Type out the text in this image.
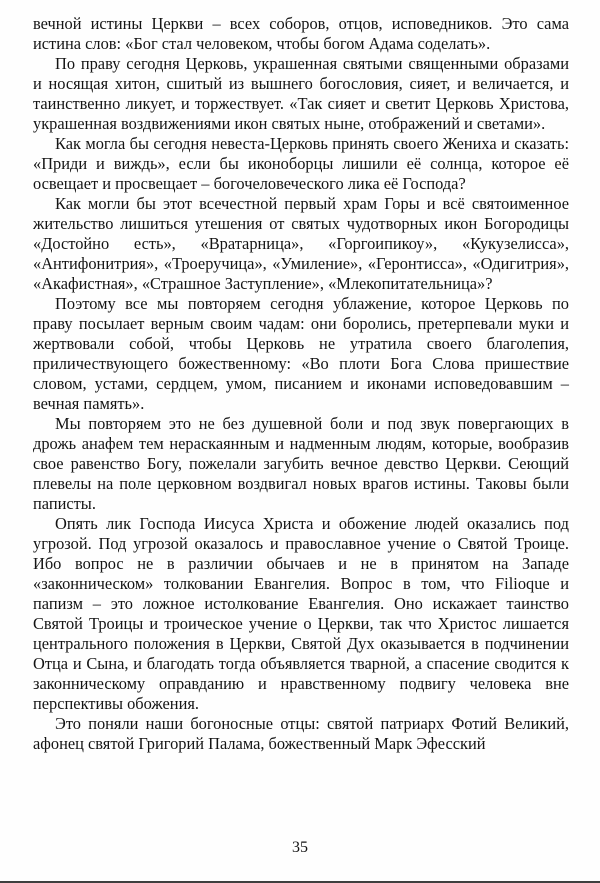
вечной истины Церкви – всех соборов, отцов, исповедников. Это сама истина слов: «Бог стал человеком, чтобы богом Адама соделать».

По праву сегодня Церковь, украшенная святыми священными образами и носящая хитон, сшитый из вышнего богословия, сияет, и величается, и таинственно ликует, и торжествует. «Так сияет и светит Церковь Христова, украшенная воздвижениями икон святых ныне, отображений и светами».

Как могла бы сегодня невеста-Церковь принять своего Жениха и сказать: «Приди и виждь», если бы иконоборцы лишили её солнца, которое её освещает и просвещает – богочеловеческого лика её Господа?

Как могли бы этот всечестной первый храм Горы и всё святоименное жительство лишиться утешения от святых чудотворных икон Богородицы «Достойно есть», «Вратарница», «Горгоипикоу», «Кукузелисса», «Антифонитрия», «Троеручица», «Умиление», «Геронтисса», «Одигитрия», «Акафистная», «Страшное Заступление», «Млекопитательница»?

Поэтому все мы повторяем сегодня ублажение, которое Церковь по праву посылает верным своим чадам: они боролись, претерпевали муки и жертвовали собой, чтобы Церковь не утратила своего благолепия, приличествующего божественному: «Во плоти Бога Слова пришествие словом, устами, сердцем, умом, писанием и иконами исповедовавшим – вечная память».

Мы повторяем это не без душевной боли и под звук повергающих в дрожь анафем тем нераскаянным и надменным людям, которые, вообразив свое равенство Богу, пожелали загубить вечное девство Церкви. Сеющий плевелы на поле церковном воздвигал новых врагов истины. Таковы были паписты.

Опять лик Господа Иисуса Христа и обожение людей оказались под угрозой. Под угрозой оказалось и православное учение о Святой Троице. Ибо вопрос не в различии обычаев и не в принятом на Западе «законническом» толковании Евангелия. Вопрос в том, что Filioque и папизм – это ложное истолкование Евангелия. Оно искажает таинство Святой Троицы и троическое учение о Церкви, так что Христос лишается центрального положения в Церкви, Святой Дух оказывается в подчинении Отца и Сына, и благодать тогда объявляется тварной, а спасение сводится к законническому оправданию и нравственному подвигу человека вне перспективы обожения.

Это поняли наши богоносные отцы: святой патриарх Фотий Великий, афонец святой Григорий Палама, божественный Марк Эфесский

35
